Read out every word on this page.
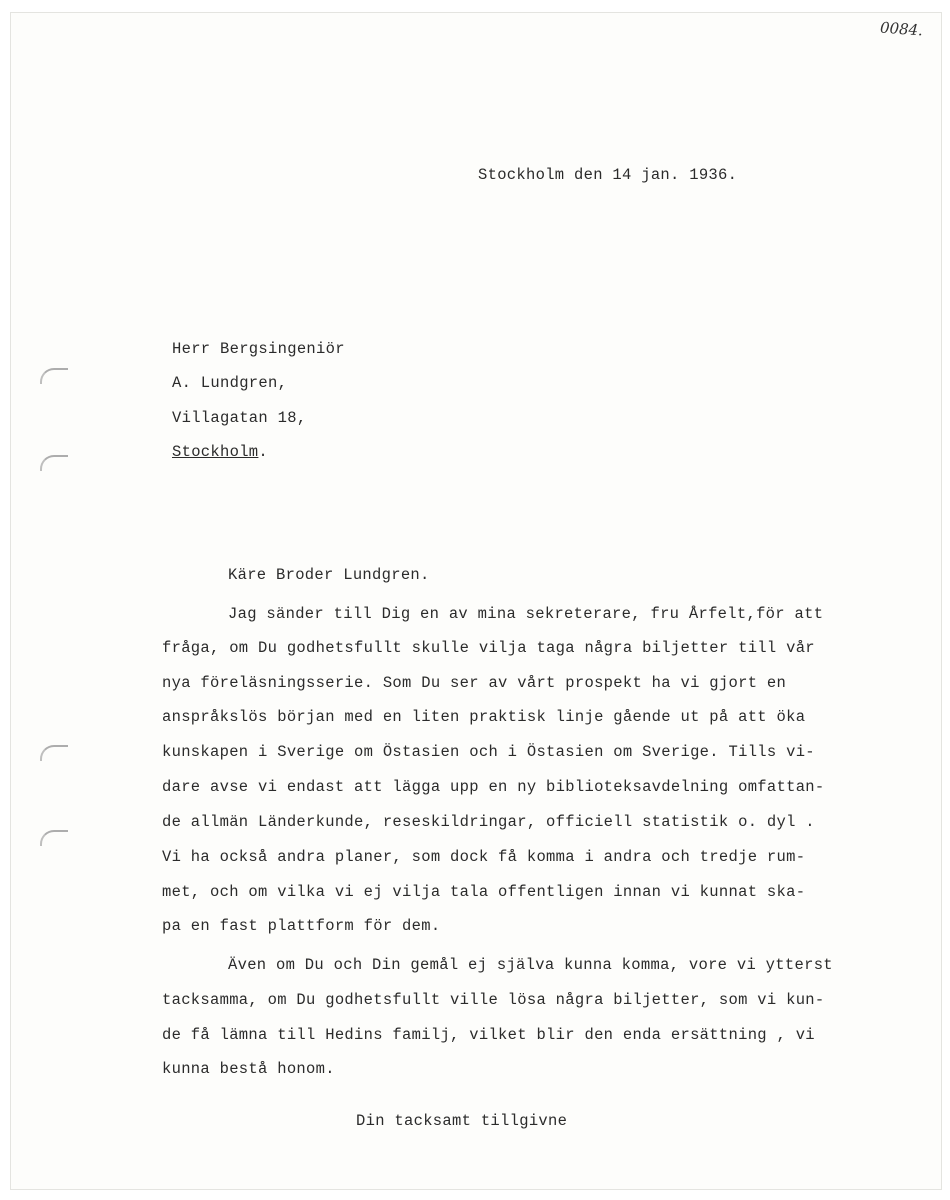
0084.
Stockholm den 14 jan. 1936.
Herr Bergsingeniör
A. Lundgren,
Villagatan 18,
Stockholm.
Käre Broder Lundgren.
Jag sänder till Dig en av mina sekreterare, fru Årfelt,för att
fråga, om Du godhetsfullt skulle vilja taga några biljetter till vår
nya föreläsningsserie. Som Du ser av vårt prospekt ha vi gjort en
anspråkslös början med en liten praktisk linje gående ut på att öka
kunskapen i Sverige om Östasien och i Östasien om Sverige. Tills vi-
dare avse vi endast att lägga upp en ny biblioteksavdelning omfattan-
de allmän Länderkunde, reseskildringar, officiell statistik o. dyl .
Vi ha också andra planer, som dock få komma i andra och tredje rum-
met, och om vilka vi ej vilja tala offentligen innan vi kunnat ska-
pa en fast plattform för dem.
Även om Du och Din gemål ej själva kunna komma, vore vi ytterst
tacksamma, om Du godhetsfullt ville lösa några biljetter, som vi kun-
de få lämna till Hedins familj, vilket blir den enda ersättning , vi
kunna bestå honom.
Din tacksamt tillgivne
